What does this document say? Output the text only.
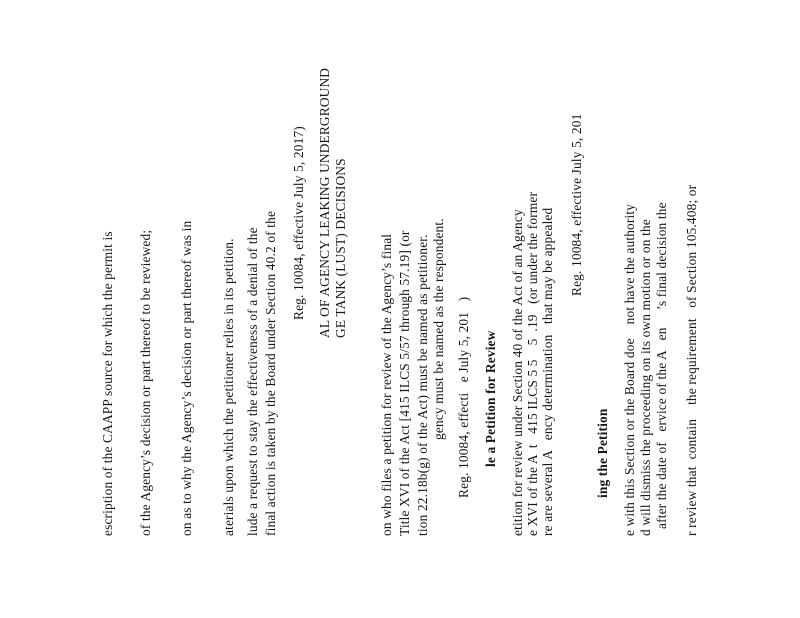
escription of the CAAPP source for which the permit is of the Agency’s decision or part thereof to be reviewed; on as to why the Agency’s decision or part thereof was in aterials upon which the petitioner relies in its petition. lude a request to stay the effectiveness of a denial of the final action is taken by the Board under Section 40.2 of the Reg. 10084, effective July 5, 2017) AL OF AGENCY LEAKING UNDERGROUND GE TANK (LUST) DECISIONS on who files a petition for review of the Agency’s final Title XVI of the Act [415 ILCS 5/57 through 57.19] (or tion 22.18b(g) of the Act) must be named as petitioner. gency must be named as the respondent. Reg. 10084, effecti   e July 5, 201   ) le a Petition for Review etition for review under Section 40 of the Act of an Agency e XVI of the A  t   415 ILCS 5 5    5  .19   (or under the former re are several A   ency determination   that may be appealed
Reg. 10084, effective July 5, 201
ing the Petition e with this Section or the Board doe    not have the authority d will dismiss the proceeding on its own motion or on the after the date of   ervice of the A   en     ’s final decision the r review that  contain    the requirement   of Section 105.408; or
